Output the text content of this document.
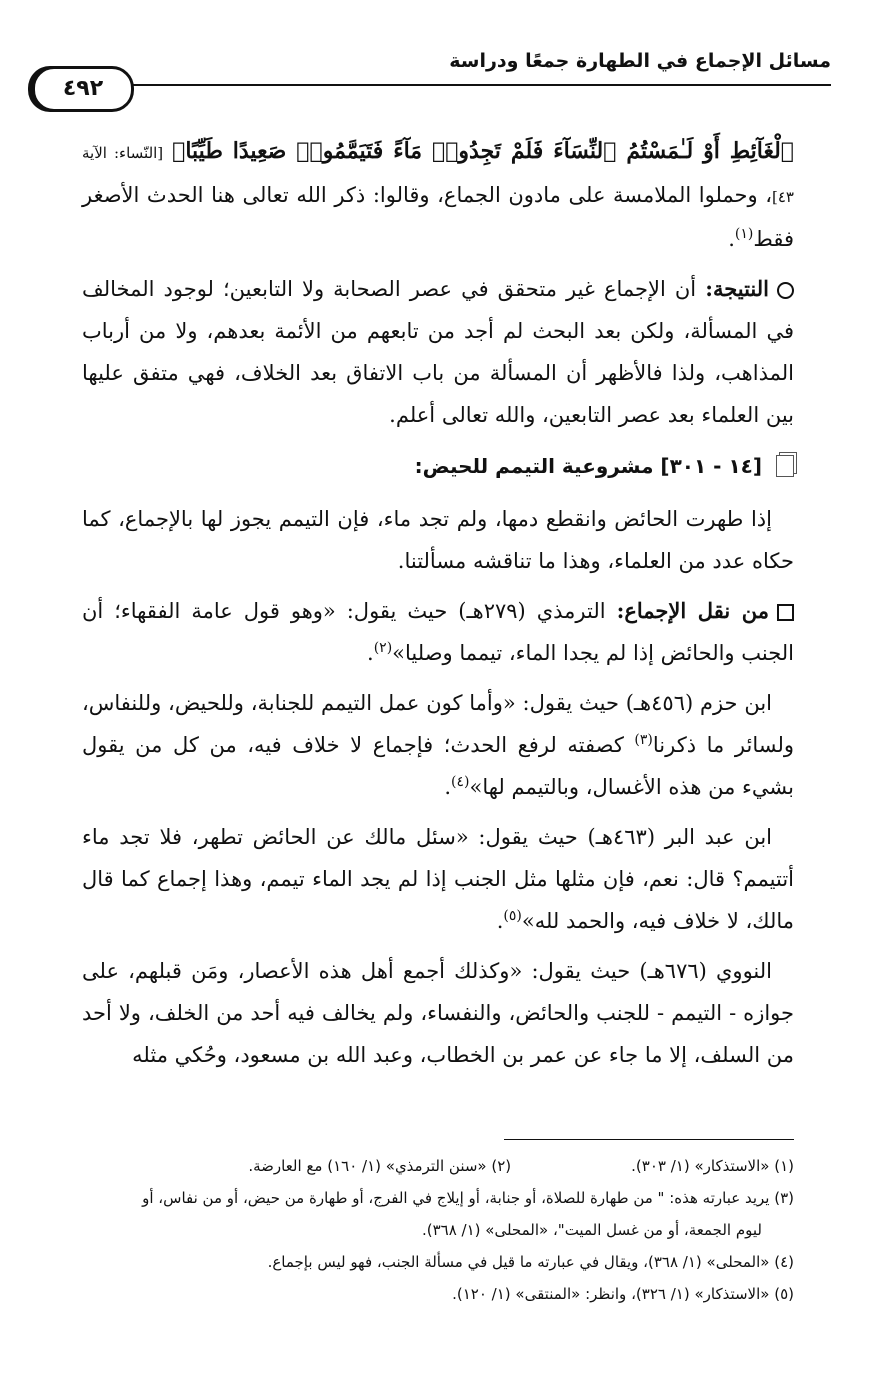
مسائل الإجماع في الطهارة جمعًا ودراسة
٤٩٢

ٱلْغَآئِطِ أَوْ لَـٰمَسْتُمُ ٱلنِّسَآءَ فَلَمْ تَجِدُوا۟ مَآءً فَتَيَمَّمُوا۟ صَعِيدًا طَيِّبًا﴾ [النّساء: الآية ٤٣]، وحملوا الملامسة على مادون الجماع، وقالوا: ذكر الله تعالى هنا الحدث الأصغر فقط$^{(١)}$.

النتيجة: أن الإجماع غير متحقق في عصر الصحابة ولا التابعين؛ لوجود المخالف في المسألة، ولكن بعد البحث لم أجد من تابعهم من الأئمة بعدهم، ولا من أرباب المذاهب، ولذا فالأظهر أن المسألة من باب الاتفاق بعد الخلاف، فهي متفق عليها بين العلماء بعد عصر التابعين، والله تعالى أعلم.

[١٤ - ٣٠١] مشروعية التيمم للحيض:

إذا طهرت الحائض وانقطع دمها، ولم تجد ماء، فإن التيمم يجوز لها بالإجماع، كما حكاه عدد من العلماء، وهذا ما تناقشه مسألتنا.

من نقل الإجماع: الترمذي (٢٧٩هـ) حيث يقول: «وهو قول عامة الفقهاء؛ أن الجنب والحائض إذا لم يجدا الماء، تيمما وصليا»$^{(٢)}$.

ابن حزم (٤٥٦هـ) حيث يقول: «وأما كون عمل التيمم للجنابة، وللحيض، وللنفاس، ولسائر ما ذكرنا$^{(٣)}$ كصفته لرفع الحدث؛ فإجماع لا خلاف فيه، من كل من يقول بشيء من هذه الأغسال، وبالتيمم لها»$^{(٤)}$.

ابن عبد البر (٤٦٣هـ) حيث يقول: «سئل مالك عن الحائض تطهر، فلا تجد ماء أتتيمم؟ قال: نعم، فإن مثلها مثل الجنب إذا لم يجد الماء تيمم، وهذا إجماع كما قال مالك، لا خلاف فيه، والحمد لله»$^{(٥)}$.

النووي (٦٧٦هـ) حيث يقول: «وكذلك أجمع أهل هذه الأعصار، ومَن قبلهم، على جوازه - التيمم - للجنب والحائض، والنفساء، ولم يخالف فيه أحد من الخلف، ولا أحد من السلف، إلا ما جاء عن عمر بن الخطاب، وعبد الله بن مسعود، وحُكي مثله

(١) «الاستذكار» (١/ ٣٠٣).
(٢) «سنن الترمذي» (١/ ١٦٠) مع العارضة.

(٣) يريد عبارته هذه: " من طهارة للصلاة، أو جنابة، أو إيلاج في الفرج، أو طهارة من حيض، أو من نفاس، أو

ليوم الجمعة، أو من غسل الميت"، «المحلى» (١/ ٣٦٨).

(٤) «المحلى» (١/ ٣٦٨)، ويقال في عبارته ما قيل في مسألة الجنب، فهو ليس بإجماع.

(٥) «الاستذكار» (١/ ٣٢٦)، وانظر: «المنتقى» (١/ ١٢٠).
